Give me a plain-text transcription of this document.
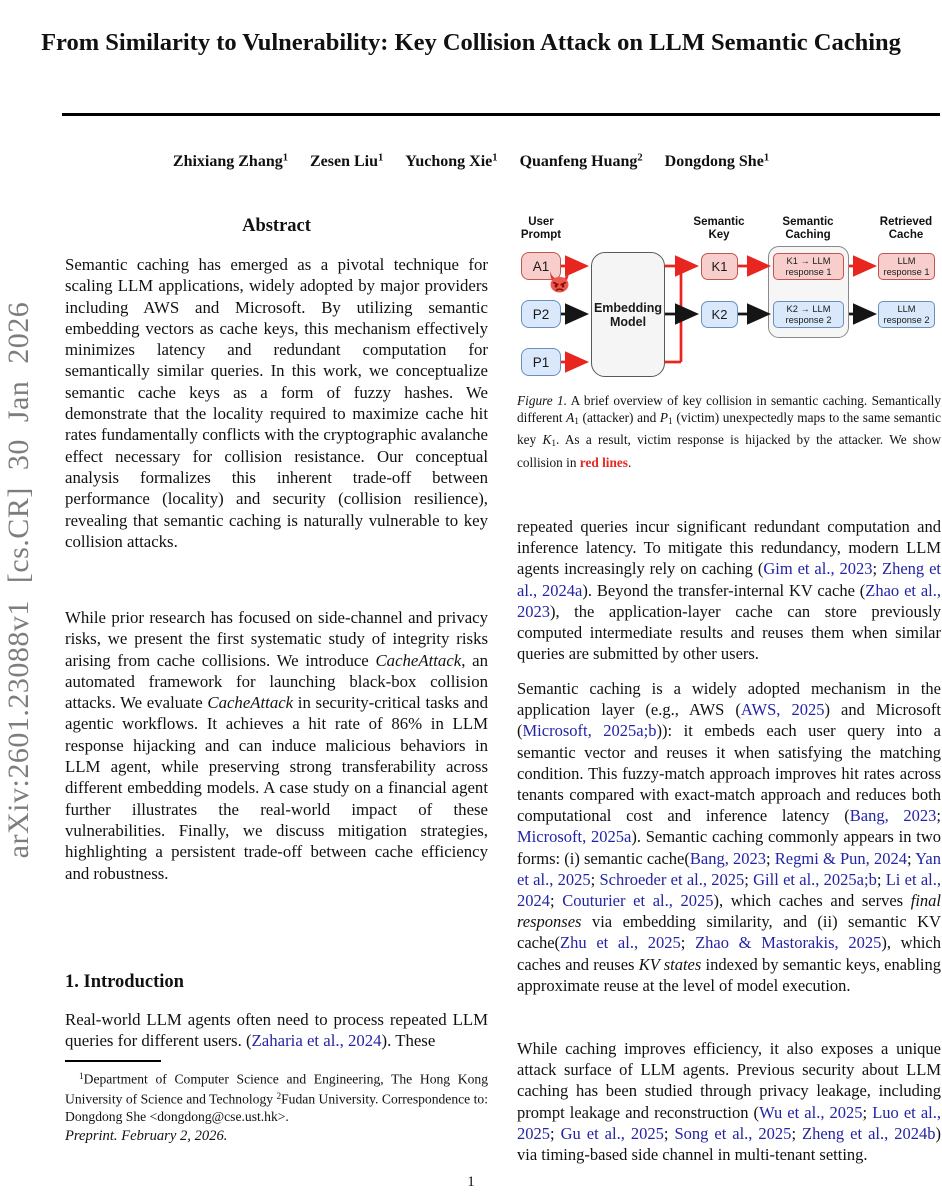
arXiv:2601.23088v1 [cs.CR] 30 Jan 2026
From Similarity to Vulnerability: Key Collision Attack on LLM Semantic Caching
Zhixiang Zhang$^1$ Zesen Liu$^1$ Yuchong Xie$^1$ Quanfeng Huang$^2$ Dongdong She$^1$
Abstract
Semantic caching has emerged as a pivotal technique for scaling LLM applications, widely adopted by major providers including AWS and Microsoft. By utilizing semantic embedding vectors as cache keys, this mechanism effectively minimizes latency and redundant computation for semantically similar queries. In this work, we conceptualize semantic cache keys as a form of fuzzy hashes. We demonstrate that the locality required to maximize cache hit rates fundamentally conflicts with the cryptographic avalanche effect necessary for collision resistance. Our conceptual analysis formalizes this inherent trade-off between performance (locality) and security (collision resilience), revealing that semantic caching is naturally vulnerable to key collision attacks.
While prior research has focused on side-channel and privacy risks, we present the first systematic study of integrity risks arising from cache collisions. We introduce CacheAttack, an automated framework for launching black-box collision attacks. We evaluate CacheAttack in security-critical tasks and agentic workflows. It achieves a hit rate of 86% in LLM response hijacking and can induce malicious behaviors in LLM agent, while preserving strong transferability across different embedding models. A case study on a financial agent further illustrates the real-world impact of these vulnerabilities. Finally, we discuss mitigation strategies, highlighting a persistent trade-off between cache efficiency and robustness.
1. Introduction
Real-world LLM agents often need to process repeated LLM queries for different users. (Zaharia et al., 2024). These
$^1$Department of Computer Science and Engineering, The Hong Kong University of Science and Technology $^2$Fudan University. Correspondence to: Dongdong She <dongdong@cse.ust.hk>.
Preprint. February 2, 2026.
User Prompt
Semantic Key
Semantic Caching
Retrieved Cache
A1
P2
P1
Embedding Model
K1
K2
K1 → LLM response 1
K2 → LLM response 2
LLM response 1
LLM response 2
Figure 1. A brief overview of key collision in semantic caching. Semantically different A1 (attacker) and P1 (victim) unexpectedly maps to the same semantic key K1. As a result, victim response is hijacked by the attacker. We show collision in red lines.
repeated queries incur significant redundant computation and inference latency. To mitigate this redundancy, modern LLM agents increasingly rely on caching (Gim et al., 2023; Zheng et al., 2024a). Beyond the transfer-internal KV cache (Zhao et al., 2023), the application-layer cache can store previously computed intermediate results and reuses them when similar queries are submitted by other users.
Semantic caching is a widely adopted mechanism in the application layer (e.g., AWS (AWS, 2025) and Microsoft (Microsoft, 2025a;b)): it embeds each user query into a semantic vector and reuses it when satisfying the matching condition. This fuzzy-match approach improves hit rates across tenants compared with exact-match approach and reduces both computational cost and inference latency (Bang, 2023; Microsoft, 2025a). Semantic caching commonly appears in two forms: (i) semantic cache(Bang, 2023; Regmi & Pun, 2024; Yan et al., 2025; Schroeder et al., 2025; Gill et al., 2025a;b; Li et al., 2024; Couturier et al., 2025), which caches and serves final responses via embedding similarity, and (ii) semantic KV cache(Zhu et al., 2025; Zhao & Mastorakis, 2025), which caches and reuses KV states indexed by semantic keys, enabling approximate reuse at the level of model execution.
While caching improves efficiency, it also exposes a unique attack surface of LLM agents. Previous security about LLM caching has been studied through privacy leakage, including prompt leakage and reconstruction (Wu et al., 2025; Luo et al., 2025; Gu et al., 2025; Song et al., 2025; Zheng et al., 2024b) via timing-based side channel in multi-tenant setting.
1
